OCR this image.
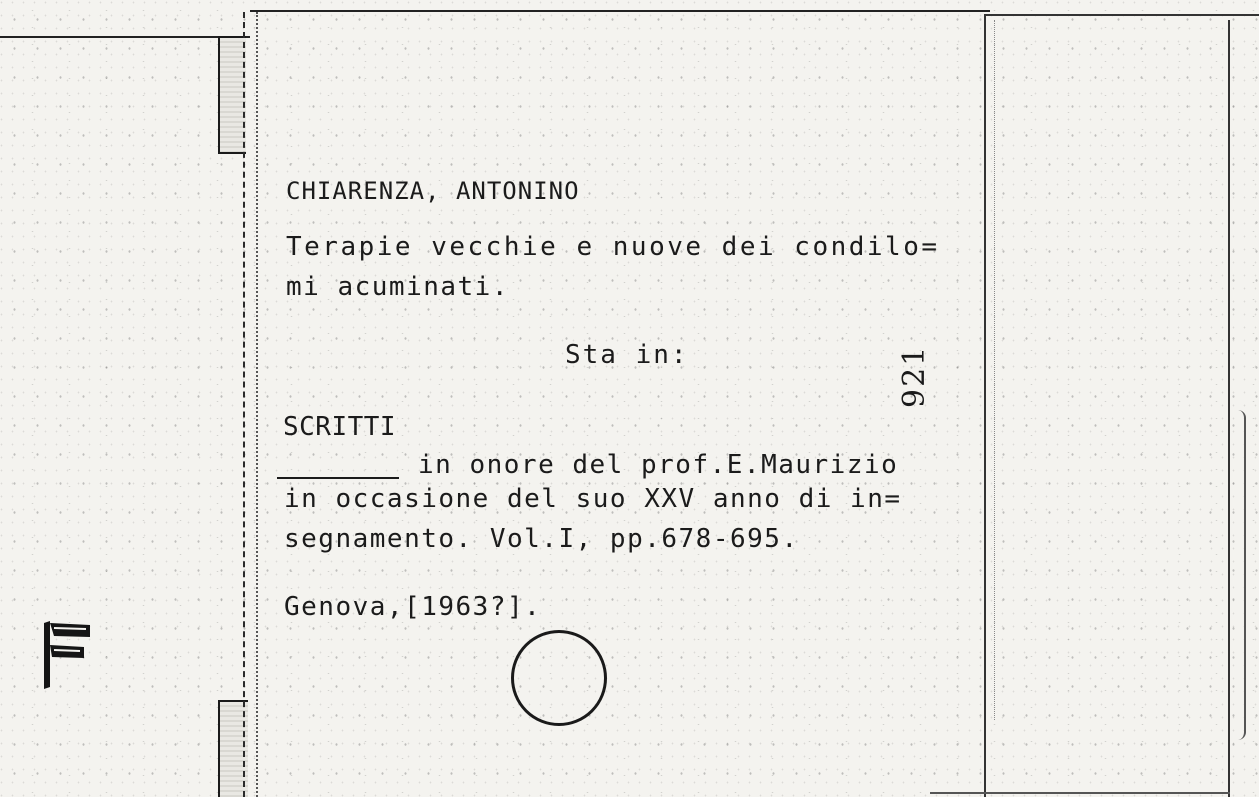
CHIARENZA, ANTONINO
Terapie vecchie e nuove dei condilo=
mi acuminati.
Sta in:	921
SCRITTI
in onore del prof.E.Maurizio
in occasione del suo XXV anno di in=
segnamento. Vol.I, pp.678-695.
Genova,[1963?].
